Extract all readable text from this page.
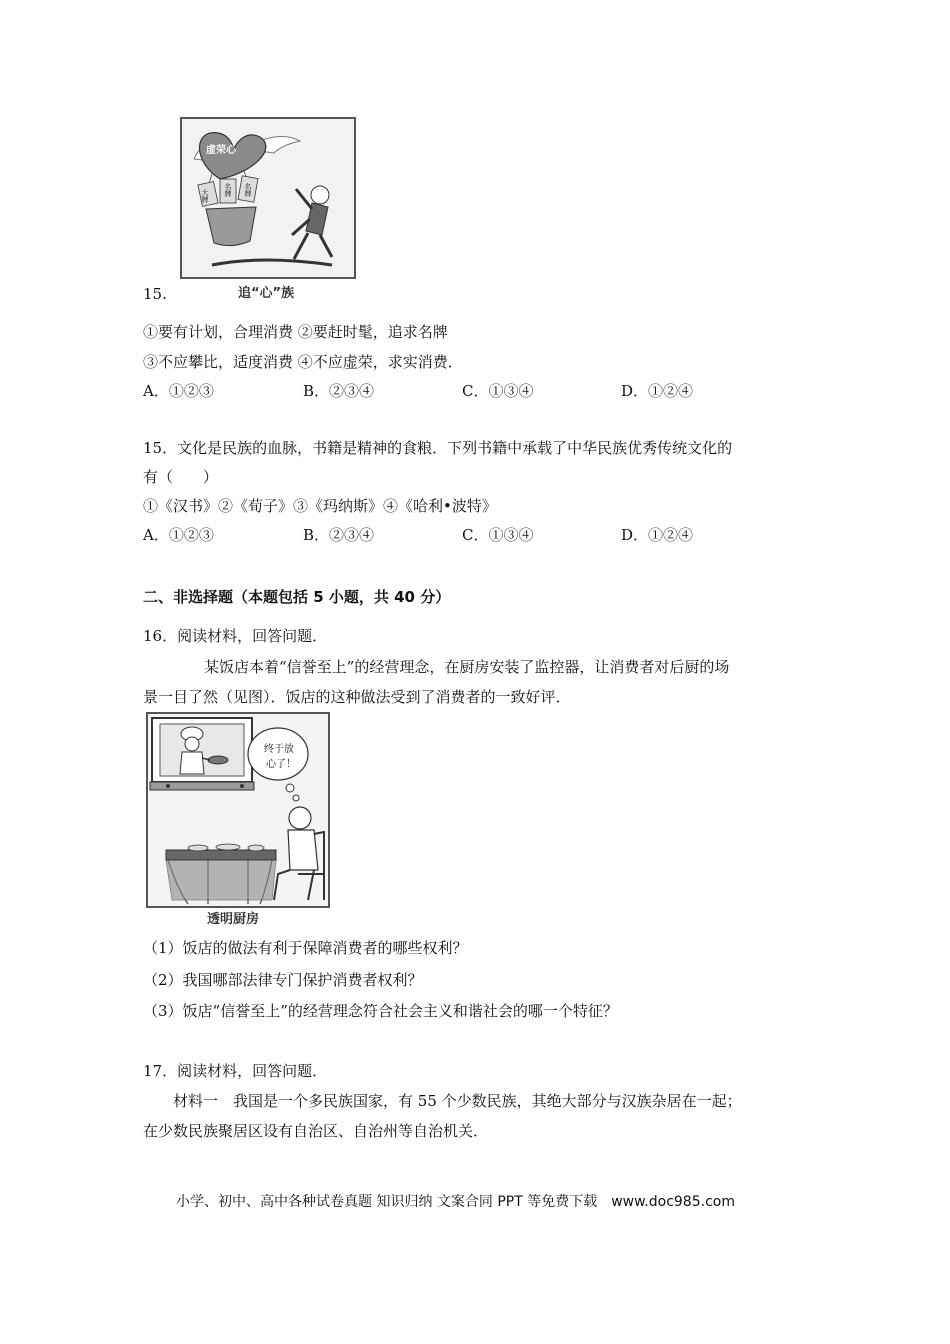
虚荣心
大牌 名牌 名牌
追“心”族
15.
①要有计划，合理消费 ②要赶时髦，追求名牌
③不应攀比，适度消费 ④不应虚荣，求实消费．
A．①②③	B．②③④	C．①③④	D．①②④
15．文化是民族的血脉，书籍是精神的食粮．下列书籍中承载了中华民族优秀传统文化的
有（　　）
①《汉书》②《荀子》③《玛纳斯》④《哈利•波特》
A．①②③	B．②③④	C．①③④	D．①②④
二、非选择题（本题包括 5 小题，共 40 分）
16．阅读材料，回答问题．
某饭店本着“信誉至上”的经营理念，在厨房安装了监控器，让消费者对后厨的场
景一目了然（见图）．饭店的这种做法受到了消费者的一致好评．
终于放
心了！
透明厨房
（1）饭店的做法有利于保障消费者的哪些权利？
（2）我国哪部法律专门保护消费者权利？
（3）饭店“信誉至上”的经营理念符合社会主义和谐社会的哪一个特征？
17．阅读材料，回答问题．
材料一　我国是一个多民族国家，有 55 个少数民族，其绝大部分与汉族杂居在一起；
在少数民族聚居区设有自治区、自治州等自治机关．
小学、初中、高中各种试卷真题 知识归纳 文案合同 PPT 等免费下载　www.doc985.com
